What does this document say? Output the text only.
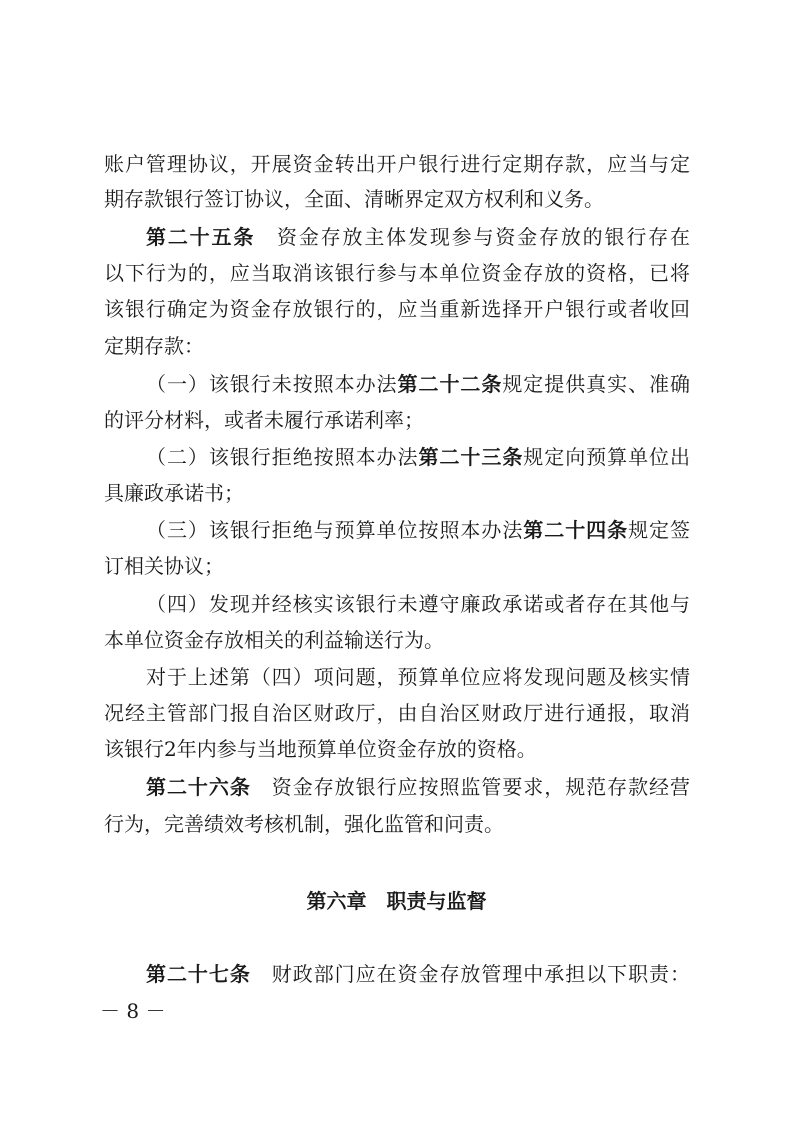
账户管理协议，开展资金转出开户银行进行定期存款，应当与定
期存款银行签订协议，全面、清晰界定双方权利和义务。
第二十五条　资金存放主体发现参与资金存放的银行存在
以下行为的，应当取消该银行参与本单位资金存放的资格，已将
该银行确定为资金存放银行的，应当重新选择开户银行或者收回
定期存款：
（一）该银行未按照本办法第二十二条规定提供真实、准确
的评分材料，或者未履行承诺利率；
（二）该银行拒绝按照本办法第二十三条规定向预算单位出
具廉政承诺书；
（三）该银行拒绝与预算单位按照本办法第二十四条规定签
订相关协议；
（四）发现并经核实该银行未遵守廉政承诺或者存在其他与
本单位资金存放相关的利益输送行为。
对于上述第（四）项问题，预算单位应将发现问题及核实情
况经主管部门报自治区财政厅，由自治区财政厅进行通报，取消
该银行2年内参与当地预算单位资金存放的资格。
第二十六条　资金存放银行应按照监管要求，规范存款经营
行为，完善绩效考核机制，强化监管和问责。
第六章　职责与监督
第二十七条　财政部门应在资金存放管理中承担以下职责：
－ 8 －
